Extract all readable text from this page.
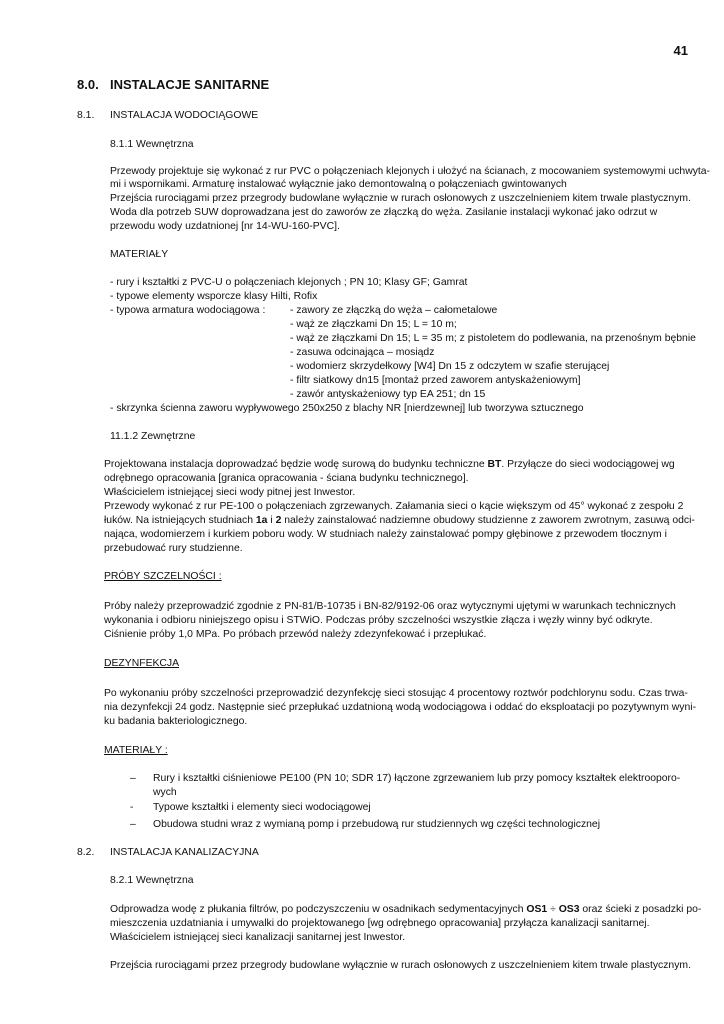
41
8.0. INSTALACJE SANITARNE
8.1. INSTALACJA WODOCIĄGOWE
8.1.1 Wewnętrzna
Przewody projektuje się wykonać z rur PVC o połączeniach klejonych i ułożyć na ścianach, z mocowaniem systemowymi uchwyta-
mi i wspornikami. Armaturę instalować wyłącznie jako demontowalną o połączeniach gwintowanych
Przejścia rurociągami przez przegrody budowlane wyłącznie w rurach osłonowych z uszczelnieniem kitem trwale plastycznym.
Woda dla potrzeb SUW doprowadzana jest do zaworów ze złączką do węża. Zasilanie instalacji wykonać jako odrzut w
przewodu wody uzdatnionej [nr 14-WU-160-PVC].
MATERIAŁY
- rury i kształtki z PVC-U o połączeniach klejonych ; PN 10; Klasy GF; Gamrat
- typowe elementy wsporcze klasy Hilti, Rofix
- typowa armatura wodociągowa : - zawory ze złączką do węża – całometalowe
- wąż ze złączkami Dn 15; L = 10 m;
- wąż ze złączkami Dn 15; L = 35 m; z pistoletem do podlewania, na przenośnym bębnie
- zasuwa odcinająca – mosiądz
- wodomierz skrzydełkowy [W4] Dn 15 z odczytem w szafie sterującej
- filtr siatkowy dn15 [montaż przed zaworem antyskażeniowym]
- zawór antyskażeniowy typ EA 251; dn 15
- skrzynka ścienna zaworu wypływowego 250x250 z blachy NR [nierdzewnej] lub tworzywa sztucznego
11.1.2 Zewnętrzne
Projektowana instalacja doprowadzać będzie wodę surową do budynku techniczne BT. Przyłącze do sieci wodociągowej wg
odrębnego opracowania [granica opracowania - ściana budynku technicznego].
Właścicielem istniejącej sieci wody pitnej jest Inwestor.
Przewody wykonać z rur PE-100 o połączeniach zgrzewanych. Załamania sieci o kącie większym od 45° wykonać z zespołu 2
łuków. Na istniejących studniach 1a i 2 należy zainstalować nadziemne obudowy studzienne z zaworem zwrotnym, zasuwą odci-
nająca, wodomierzem i kurkiem poboru wody. W studniach należy zainstalować pompy głębinowe z przewodem tłocznym i
przebudować rury studzienne.
PRÓBY SZCZELNOŚCI :
Próby należy przeprowadzić zgodnie z PN-81/B-10735 i BN-82/9192-06 oraz wytycznymi ujętymi w warunkach technicznych
wykonania i odbioru niniejszego opisu i STWiO. Podczas próby szczelności wszystkie złącza i węzły winny być odkryte.
Ciśnienie próby 1,0 MPa. Po próbach przewód należy zdezynfekować i przepłukać.
DEZYNFEKCJA
Po wykonaniu próby szczelności przeprowadzić dezynfekcję sieci stosując 4 procentowy roztwór podchlorynu sodu. Czas trwa-
nia dezynfekcji 24 godz. Następnie sieć przepłukać uzdatnioną wodą wodociągowa i oddać do eksploatacji po pozytywnym wyni-
ku badania bakteriologicznego.
MATERIAŁY :
–	Rury i kształtki ciśnieniowe PE100 (PN 10; SDR 17) łączone zgrzewaniem lub przy pomocy kształtek elektrooporo-
wych
-	Typowe kształtki i elementy sieci wodociągowej
–	Obudowa studni wraz z wymianą pomp i przebudową rur studziennych wg części technologicznej
8.2. INSTALACJA KANALIZACYJNA
8.2.1 Wewnętrzna
Odprowadza wodę z płukania filtrów, po podczyszczeniu w osadnikach sedymentacyjnych OS1 ÷ OS3 oraz ścieki z posadzki po-
mieszczenia uzdatniania i umywalki do projektowanego [wg odrębnego opracowania] przyłącza kanalizacji sanitarnej.
Właścicielem istniejącej sieci kanalizacji sanitarnej jest Inwestor.
Przejścia rurociągami przez przegrody budowlane wyłącznie w rurach osłonowych z uszczelnieniem kitem trwale plastycznym.
